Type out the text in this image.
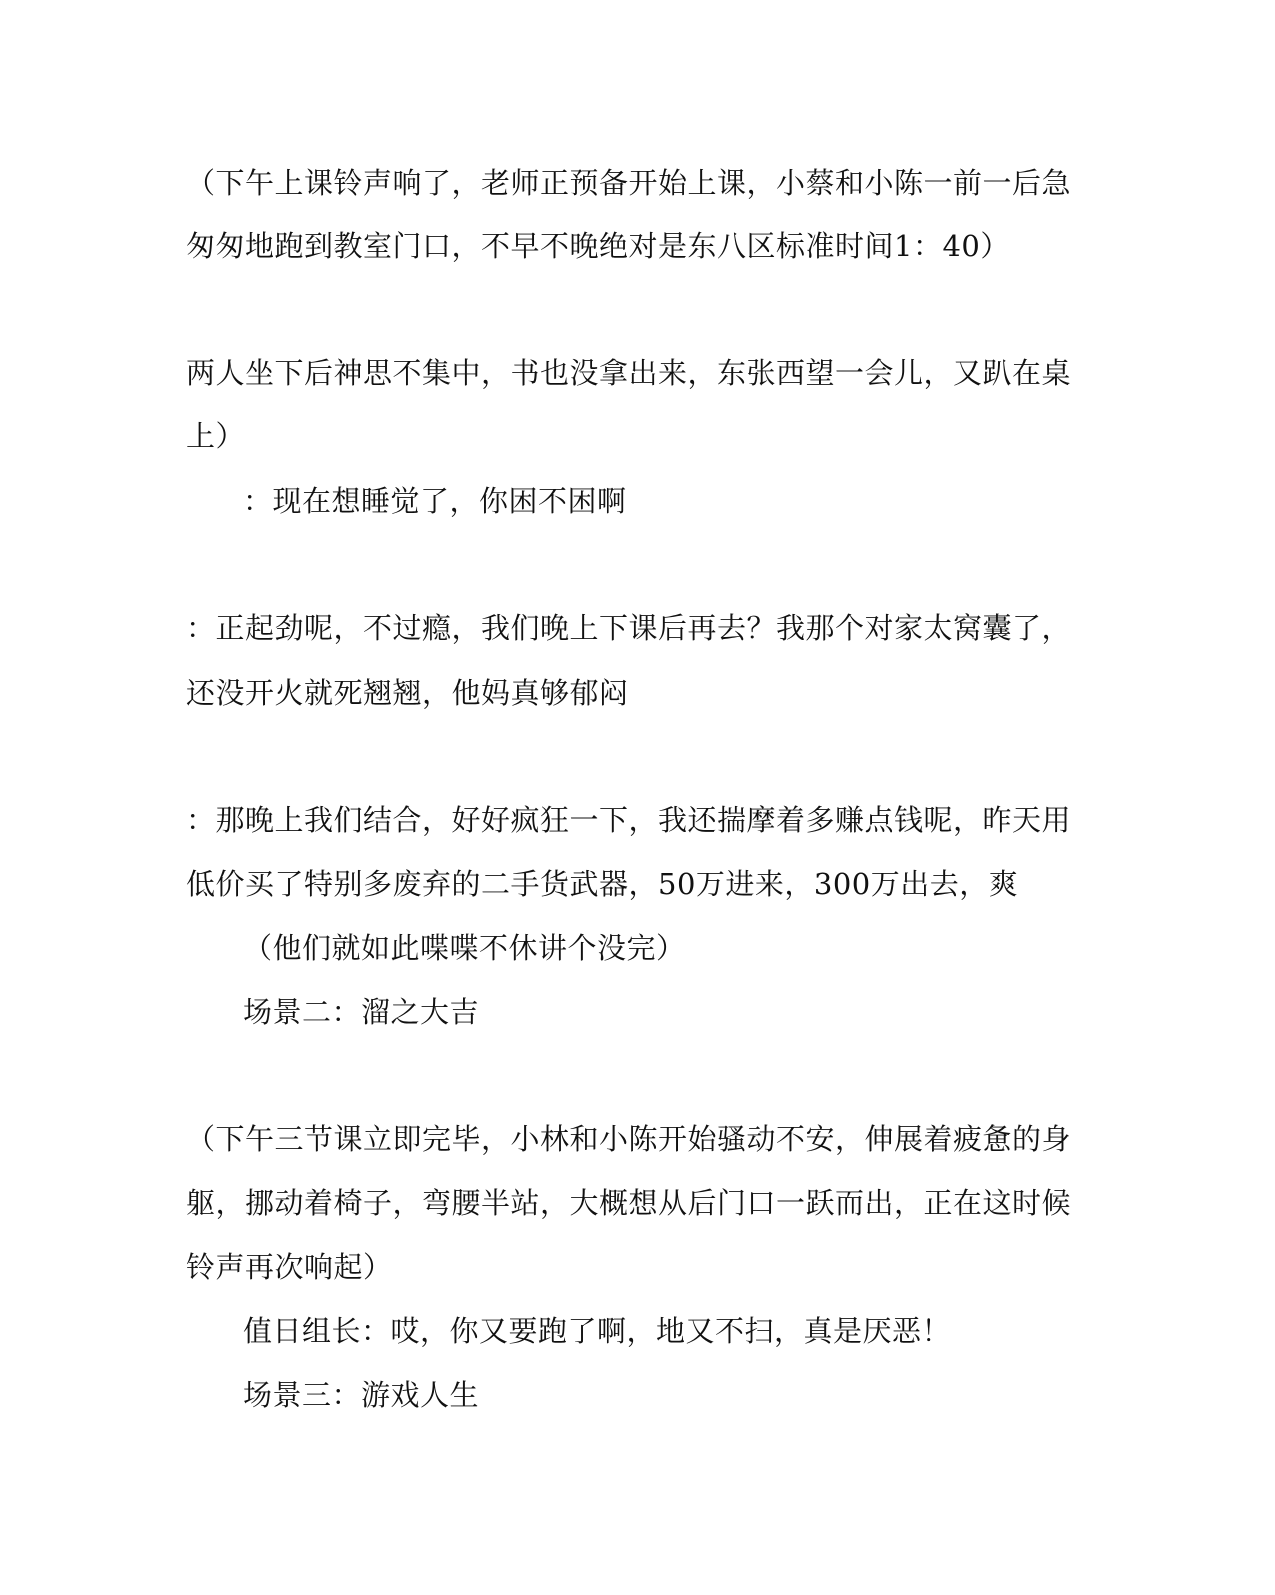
（下午上课铃声响了，老师正预备开始上课，小蔡和小陈一前一后急
匆匆地跑到教室门口，不早不晚绝对是东八区标准时间1：40）
两人坐下后神思不集中，书也没拿出来，东张西望一会儿，又趴在桌
上）
：现在想睡觉了，你困不困啊
：正起劲呢，不过瘾，我们晚上下课后再去？我那个对家太窝囊了，
还没开火就死翘翘，他妈真够郁闷
：那晚上我们结合，好好疯狂一下，我还揣摩着多赚点钱呢，昨天用
低价买了特别多废弃的二手货武器，50万进来，300万出去，爽
（他们就如此喋喋不休讲个没完）
场景二：溜之大吉
（下午三节课立即完毕，小林和小陈开始骚动不安，伸展着疲惫的身
躯，挪动着椅子，弯腰半站，大概想从后门口一跃而出，正在这时候
铃声再次响起）
值日组长：哎，你又要跑了啊，地又不扫，真是厌恶！
场景三：游戏人生
